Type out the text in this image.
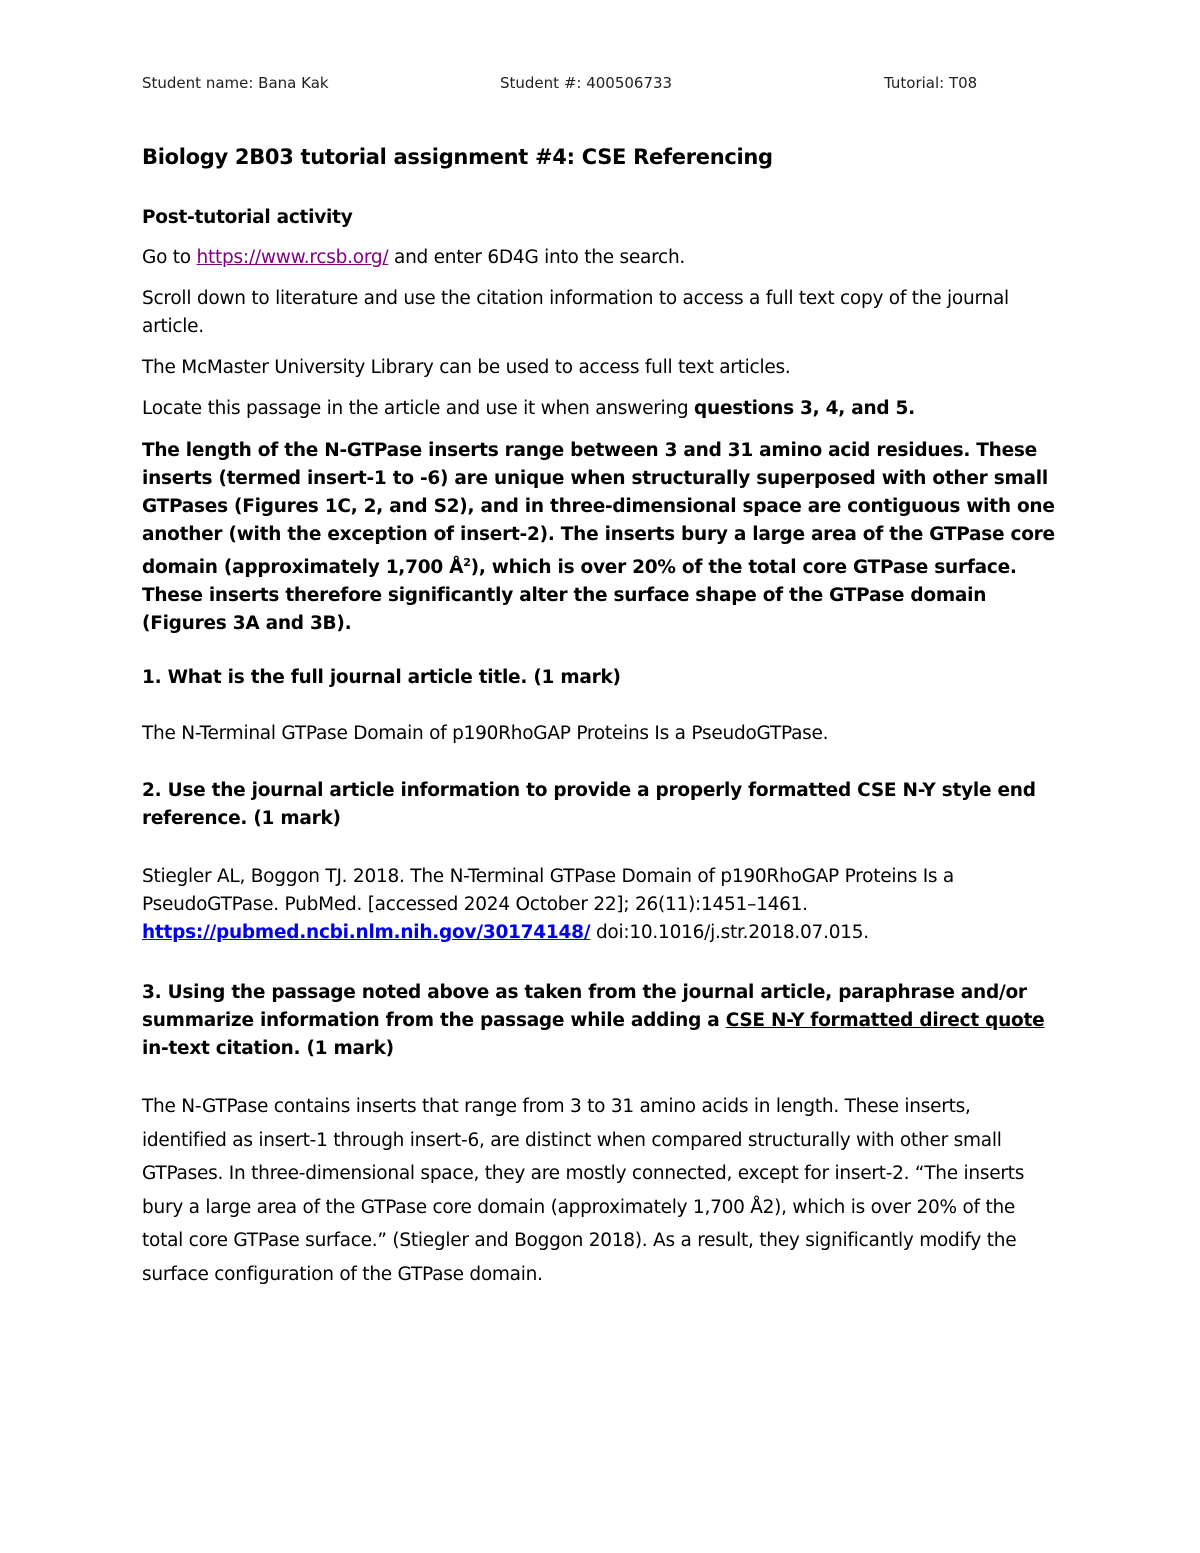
Student name: Bana Kak	Student #: 400506733	Tutorial: T08
Biology 2B03 tutorial assignment #4: CSE Referencing

Post-tutorial activity

Go to https://www.rcsb.org/ and enter 6D4G into the search.

Scroll down to literature and use the citation information to access a full text copy of the journal article.

The McMaster University Library can be used to access full text articles.

Locate this passage in the article and use it when answering questions 3, 4, and 5.

The length of the N-GTPase inserts range between 3 and 31 amino acid residues. These inserts (termed insert-1 to -6) are unique when structurally superposed with other small GTPases (Figures 1C, 2, and S2), and in three-dimensional space are contiguous with one another (with the exception of insert-2). The inserts bury a large area of the GTPase core domain (approximately 1,700 $Å^2$), which is over 20% of the total core GTPase surface. These inserts therefore significantly alter the surface shape of the GTPase domain (Figures 3A and 3B).

1. What is the full journal article title. (1 mark)

The N-Terminal GTPase Domain of p190RhoGAP Proteins Is a PseudoGTPase.

2. Use the journal article information to provide a properly formatted CSE N-Y style end reference. (1 mark)

Stiegler AL, Boggon TJ. 2018. The N-Terminal GTPase Domain of p190RhoGAP Proteins Is a PseudoGTPase. PubMed. [accessed 2024 October 22]; 26(11):1451–1461. https://pubmed.ncbi.nlm.nih.gov/30174148/ doi:10.1016/j.str.2018.07.015.

3. Using the passage noted above as taken from the journal article, paraphrase and/or summarize information from the passage while adding a CSE N-Y formatted direct quote in-text citation. (1 mark)

The N-GTPase contains inserts that range from 3 to 31 amino acids in length. These inserts, identified as insert-1 through insert-6, are distinct when compared structurally with other small GTPases. In three-dimensional space, they are mostly connected, except for insert-2. “The inserts bury a large area of the GTPase core domain (approximately 1,700 Å2), which is over 20% of the total core GTPase surface.” (Stiegler and Boggon 2018). As a result, they significantly modify the surface configuration of the GTPase domain.
